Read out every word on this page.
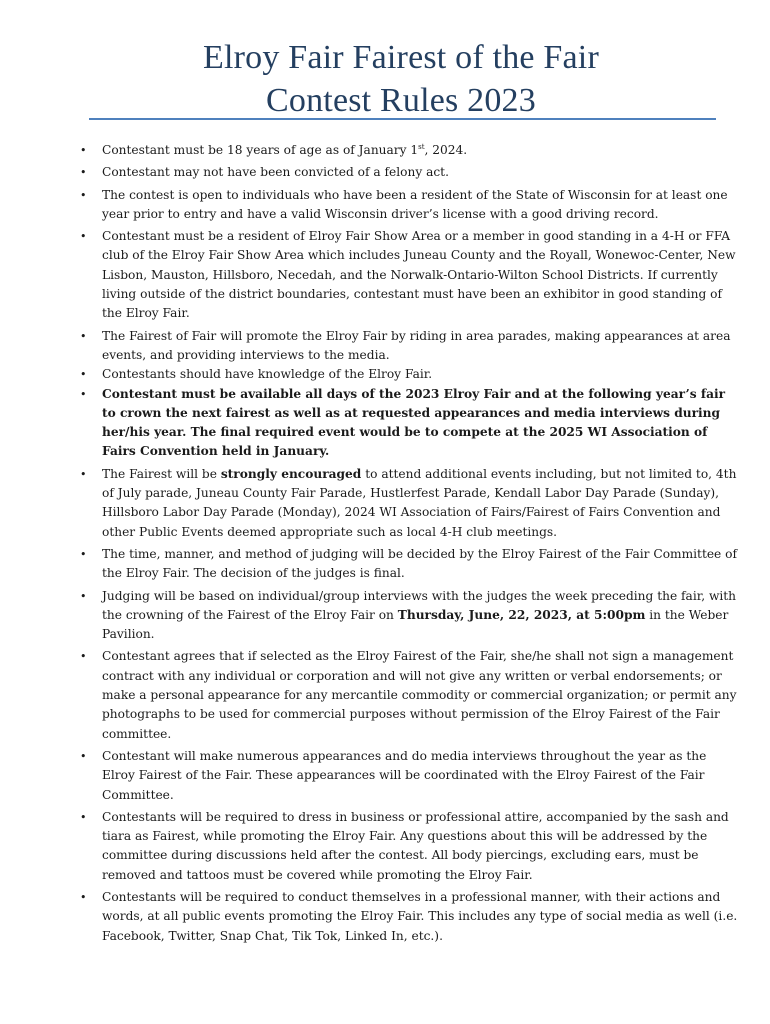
Elroy Fair Fairest of the Fair
Contest Rules 2023
•
Contestant must be 18 years of age as of January 1st, 2024.
•
Contestant may not have been convicted of a felony act.
•
The contest is open to individuals who have been a resident of the State of Wisconsin for at least one year prior to entry and have a valid Wisconsin driver’s license with a good driving record.
•
Contestant must be a resident of Elroy Fair Show Area or a member in good standing in a 4-H or FFA club of the Elroy Fair Show Area which includes Juneau County and the Royall, Wonewoc-Center, New Lisbon, Mauston, Hillsboro, Necedah, and the Norwalk-Ontario-Wilton School Districts. If currently living outside of the district boundaries, contestant must have been an exhibitor in good standing of the Elroy Fair.
•
The Fairest of Fair will promote the Elroy Fair by riding in area parades, making appearances at area events, and providing interviews to the media.
•
Contestants should have knowledge of the Elroy Fair.
•
Contestant must be available all days of the 2023 Elroy Fair and at the following year’s fair to crown the next fairest as well as at requested appearances and media interviews during her/his year. The final required event would be to compete at the 2025 WI Association of Fairs Convention held in January.
•
The Fairest will be strongly encouraged to attend additional events including, but not limited to, 4th of July parade, Juneau County Fair Parade, Hustlerfest Parade, Kendall Labor Day Parade (Sunday), Hillsboro Labor Day Parade (Monday), 2024 WI Association of Fairs/Fairest of Fairs Convention and other Public Events deemed appropriate such as local 4-H club meetings.
•
The time, manner, and method of judging will be decided by the Elroy Fairest of the Fair Committee of the Elroy Fair. The decision of the judges is final.
•
Judging will be based on individual/group interviews with the judges the week preceding the fair, with the crowning of the Fairest of the Elroy Fair on Thursday, June, 22, 2023, at 5:00pm in the Weber Pavilion.
•
Contestant agrees that if selected as the Elroy Fairest of the Fair, she/he shall not sign a management contract with any individual or corporation and will not give any written or verbal endorsements; or make a personal appearance for any mercantile commodity or commercial organization; or permit any photographs to be used for commercial purposes without permission of the Elroy Fairest of the Fair committee.
•
Contestant will make numerous appearances and do media interviews throughout the year as the Elroy Fairest of the Fair. These appearances will be coordinated with the Elroy Fairest of the Fair Committee.
•
Contestants will be required to dress in business or professional attire, accompanied by the sash and tiara as Fairest, while promoting the Elroy Fair. Any questions about this will be addressed by the committee during discussions held after the contest. All body piercings, excluding ears, must be removed and tattoos must be covered while promoting the Elroy Fair.
•
Contestants will be required to conduct themselves in a professional manner, with their actions and words, at all public events promoting the Elroy Fair. This includes any type of social media as well (i.e. Facebook, Twitter, Snap Chat, Tik Tok, Linked In, etc.).
